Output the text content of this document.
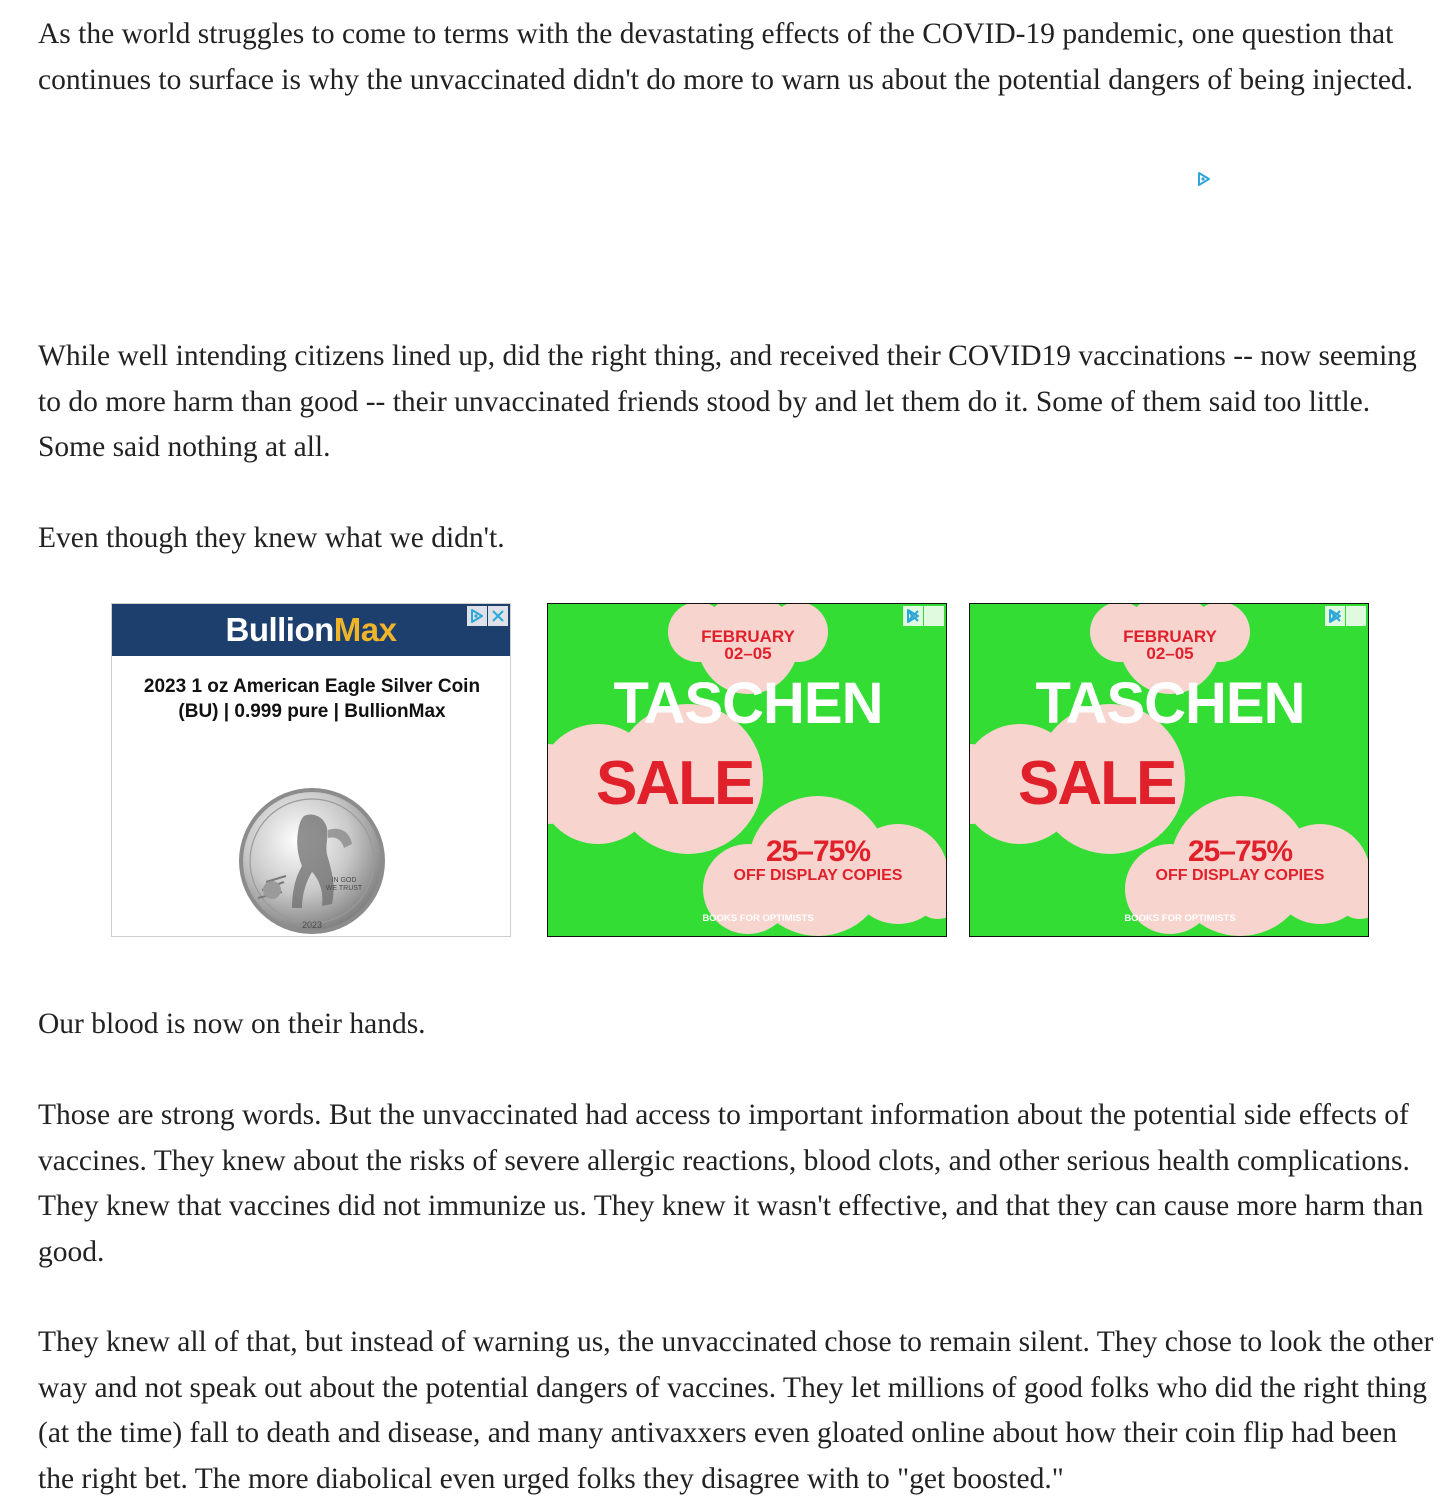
As the world struggles to come to terms with the devastating effects of the COVID-19 pandemic, one question that continues to surface is why the unvaccinated didn't do more to warn us about the potential dangers of being injected.

While well intending citizens lined up, did the right thing, and received their COVID19 vaccinations -- now seeming to do more harm than good -- their unvaccinated friends stood by and let them do it. Some of them said too little. Some said nothing at all.

Even though they knew what we didn't.

Our blood is now on their hands.

Those are strong words. But the unvaccinated had access to important information about the potential side effects of vaccines. They knew about the risks of severe allergic reactions, blood clots, and other serious health complications. They knew that vaccines did not immunize us. They knew it wasn't effective, and that they can cause more harm than good.

They knew all of that, but instead of warning us, the unvaccinated chose to remain silent. They chose to look the other way and not speak out about the potential dangers of vaccines. They let millions of good folks who did the right thing (at the time) fall to death and disease, and many antivaxxers even gloated online about how their coin flip had been the right bet. The more diabolical even urged folks they disagree with to "get boosted."

BullionMax
2023 1 oz American Eagle Silver Coin (BU) | 0.999 pure | BullionMax
IN GOD
WE TRUST
2023
FEBRUARY 02–05
TASCHEN
SALE
25–75%
OFF DISPLAY COPIES
BOOKS FOR OPTIMISTS
FEBRUARY 02–05
TASCHEN
SALE
25–75%
OFF DISPLAY COPIES
BOOKS FOR OPTIMISTS
